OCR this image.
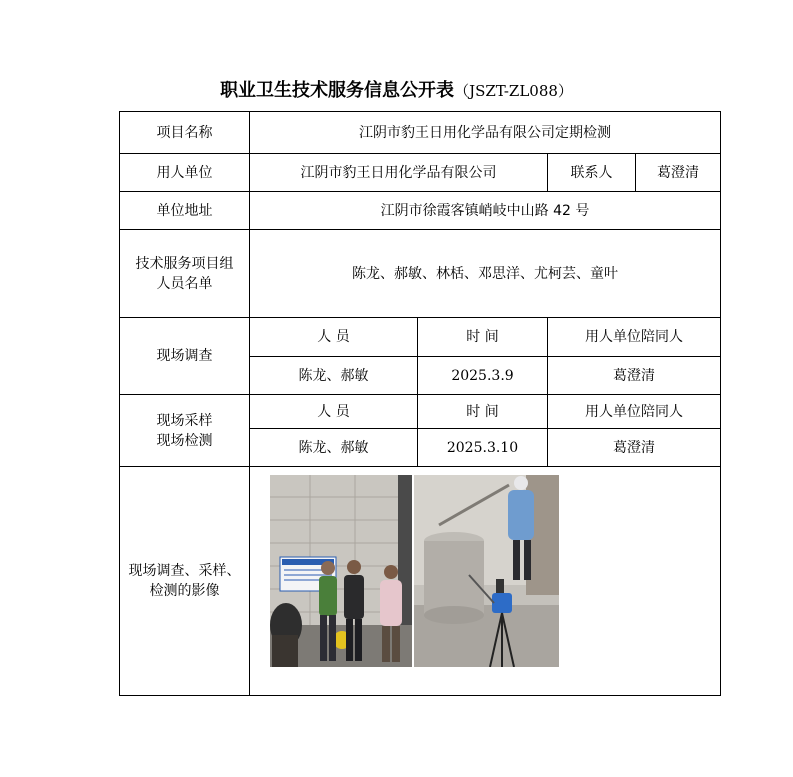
职业卫生技术服务信息公开表（JSZT-ZL088）
项目名称	江阴市豹王日用化学品有限公司定期检测			
用人单位	江阴市豹王日用化学品有限公司		联系人	葛澄清
单位地址	江阴市徐霞客镇峭岐中山路 42 号			

技术服务项目组
人员名单	陈龙、郝敏、林栝、邓思洋、尤柯芸、童叶			
现场调查	人 员	时 间	用人单位陪同人	
	陈龙、郝敏	2025.3.9	葛澄清	

现场采样
现场检测	人 员	时 间	用人单位陪同人	
	陈龙、郝敏	2025.3.10	葛澄清	

现场调查、采样、
检测的影像
